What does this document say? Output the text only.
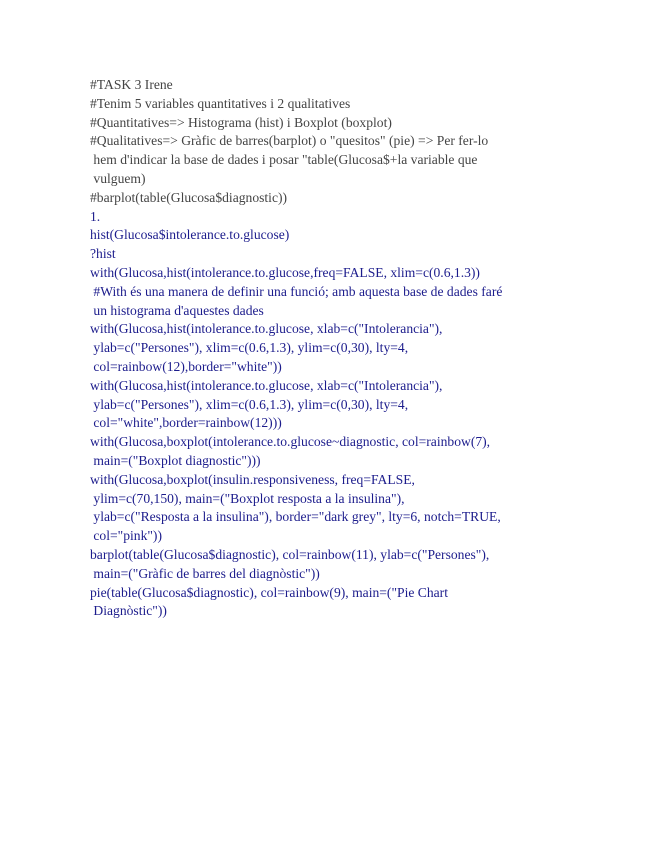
#TASK 3 Irene
#Tenim 5 variables quantitatives i 2 qualitatives
#Quantitatives=> Histograma (hist) i Boxplot (boxplot)
#Qualitatives=> Gràfic de barres(barplot) o "quesitos" (pie) => Per fer-lo
hem d'indicar la base de dades i posar "table(Glucosa$+la variable que
vulguem)
#barplot(table(Glucosa$diagnostic))
1.
hist(Glucosa$intolerance.to.glucose)
?hist
with(Glucosa,hist(intolerance.to.glucose,freq=FALSE, xlim=c(0.6,1.3))
#With és una manera de definir una funció; amb aquesta base de dades faré
un histograma d'aquestes dades
with(Glucosa,hist(intolerance.to.glucose, xlab=c("Intolerancia"),
ylab=c("Persones"), xlim=c(0.6,1.3), ylim=c(0,30), lty=4,
col=rainbow(12),border="white"))
with(Glucosa,hist(intolerance.to.glucose, xlab=c("Intolerancia"),
ylab=c("Persones"), xlim=c(0.6,1.3), ylim=c(0,30), lty=4,
col="white",border=rainbow(12)))
with(Glucosa,boxplot(intolerance.to.glucose~diagnostic, col=rainbow(7),
main=("Boxplot diagnostic")))
with(Glucosa,boxplot(insulin.responsiveness, freq=FALSE,
ylim=c(70,150), main=("Boxplot resposta a la insulina"),
ylab=c("Resposta a la insulina"), border="dark grey", lty=6, notch=TRUE,
col="pink"))
barplot(table(Glucosa$diagnostic), col=rainbow(11), ylab=c("Persones"),
main=("Gràfic de barres del diagnòstic"))
pie(table(Glucosa$diagnostic), col=rainbow(9), main=("Pie Chart
Diagnòstic"))
